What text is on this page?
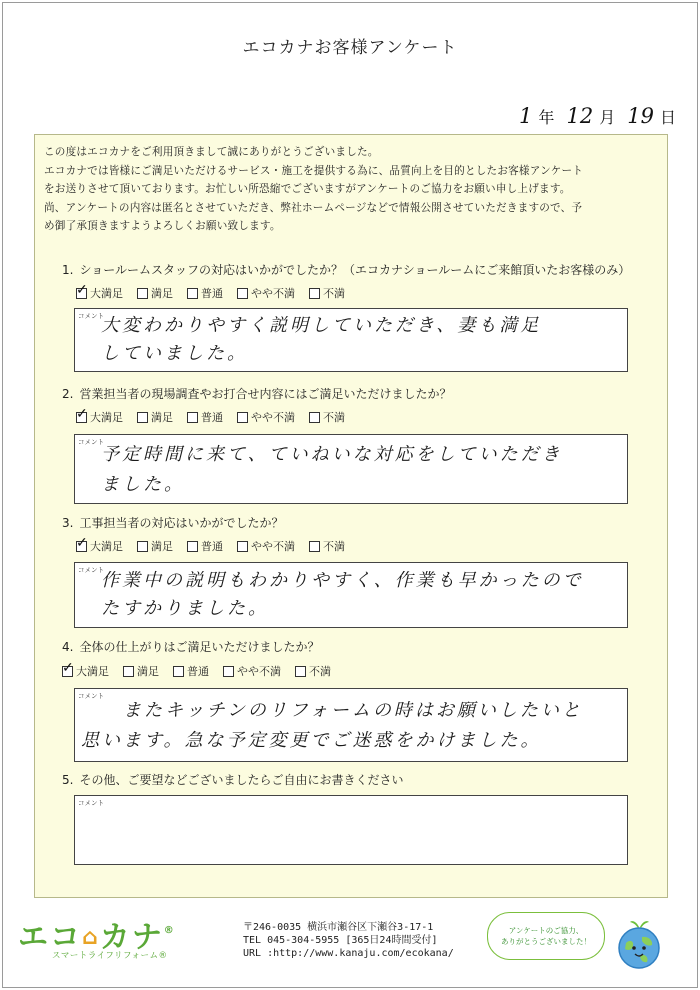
エコカナお客様アンケート
1 年 12 月 19 日
この度はエコカナをご利用頂きまして誠にありがとうございました。
エコカナでは皆様にご満足いただけるサービス・施工を提供する為に、品質向上を目的としたお客様アンケート
をお送りさせて頂いております。お忙しい所恐縮でございますがアンケートのご協力をお願い申し上げます。
尚、アンケートの内容は匿名とさせていただき、弊社ホームページなどで情報公開させていただきますので、予
め御了承頂きますようよろしくお願い致します。
1. ショールームスタッフの対応はいかがでしたか？（エコカナショールームにご来館頂いたお客様のみ）
✓
大満足	満足	普通	やや不満	不満
コメント
大変わかりやすく説明していただき、妻も満足
していました。
2. 営業担当者の現場調査やお打合せ内容にはご満足いただけましたか？
✓
大満足	満足	普通	やや不満	不満
コメント
予定時間に来て、ていねいな対応をしていただき
ました。
3. 工事担当者の対応はいかがでしたか？
✓
大満足	満足	普通	やや不満	不満
コメント
作業中の説明もわかりやすく、作業も早かったので
たすかりました。
4. 全体の仕上がりはご満足いただけましたか？
✓
大満足	満足	普通	やや不満	不満
コメント
またキッチンのリフォームの時はお願いしたいと
思います。急な予定変更でご迷惑をかけました。
5. その他、ご要望などございましたらご自由にお書きください
コメント
エコ⌂カナ®
スマートライフリフォーム®
〒246-0035 横浜市瀬谷区下瀬谷3-17-1
TEL 045-304-5955 [365日24時間受付]
URL :http://www.kanaju.com/ecokana/
アンケートのご協力、
ありがとうございました！
